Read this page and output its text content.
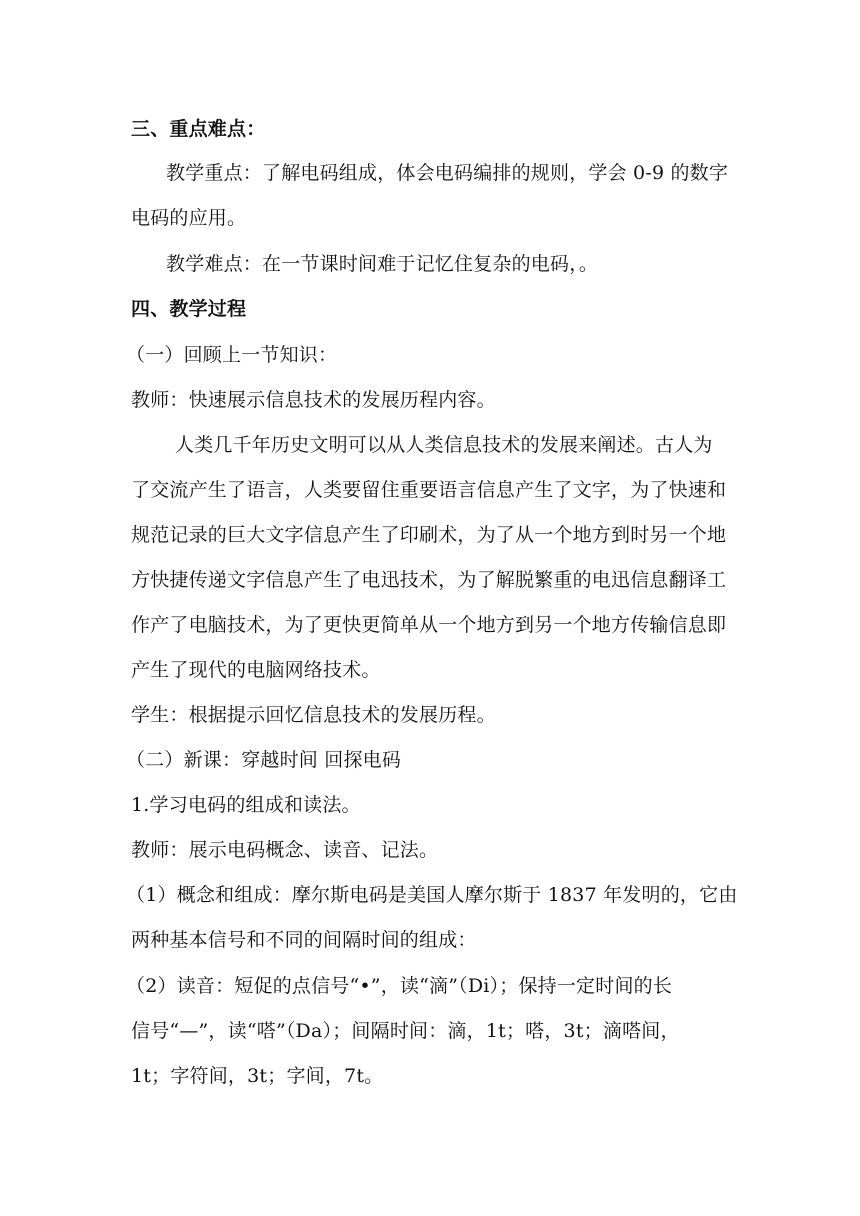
三、重点难点：
教学重点：了解电码组成，体会电码编排的规则，学会 0-9 的数字
电码的应用。
教学难点：在一节课时间难于记忆住复杂的电码，。
四、教学过程
（一）回顾上一节知识：
教师：快速展示信息技术的发展历程内容。
人类几千年历史文明可以从人类信息技术的发展来阐述。古人为
了交流产生了语言，人类要留住重要语言信息产生了文字，为了快速和
规范记录的巨大文字信息产生了印刷术，为了从一个地方到时另一个地
方快捷传递文字信息产生了电迅技术，为了解脱繁重的电迅信息翻译工
作产了电脑技术，为了更快更简单从一个地方到另一个地方传输信息即
产生了现代的电脑网络技术。
学生：根据提示回忆信息技术的发展历程。
（二）新课：穿越时间 回探电码
1.学习电码的组成和读法。
教师：展示电码概念、读音、记法。
（1）概念和组成：摩尔斯电码是美国人摩尔斯于 1837 年发明的，它由
两种基本信号和不同的间隔时间的组成：
（2）读音：短促的点信号“•”，读“滴”（Di）；保持一定时间的长
信号“—”，读“嗒”（Da）；间隔时间：滴，1t；嗒，3t；滴嗒间，
1t；字符间，3t；字间，7t。
